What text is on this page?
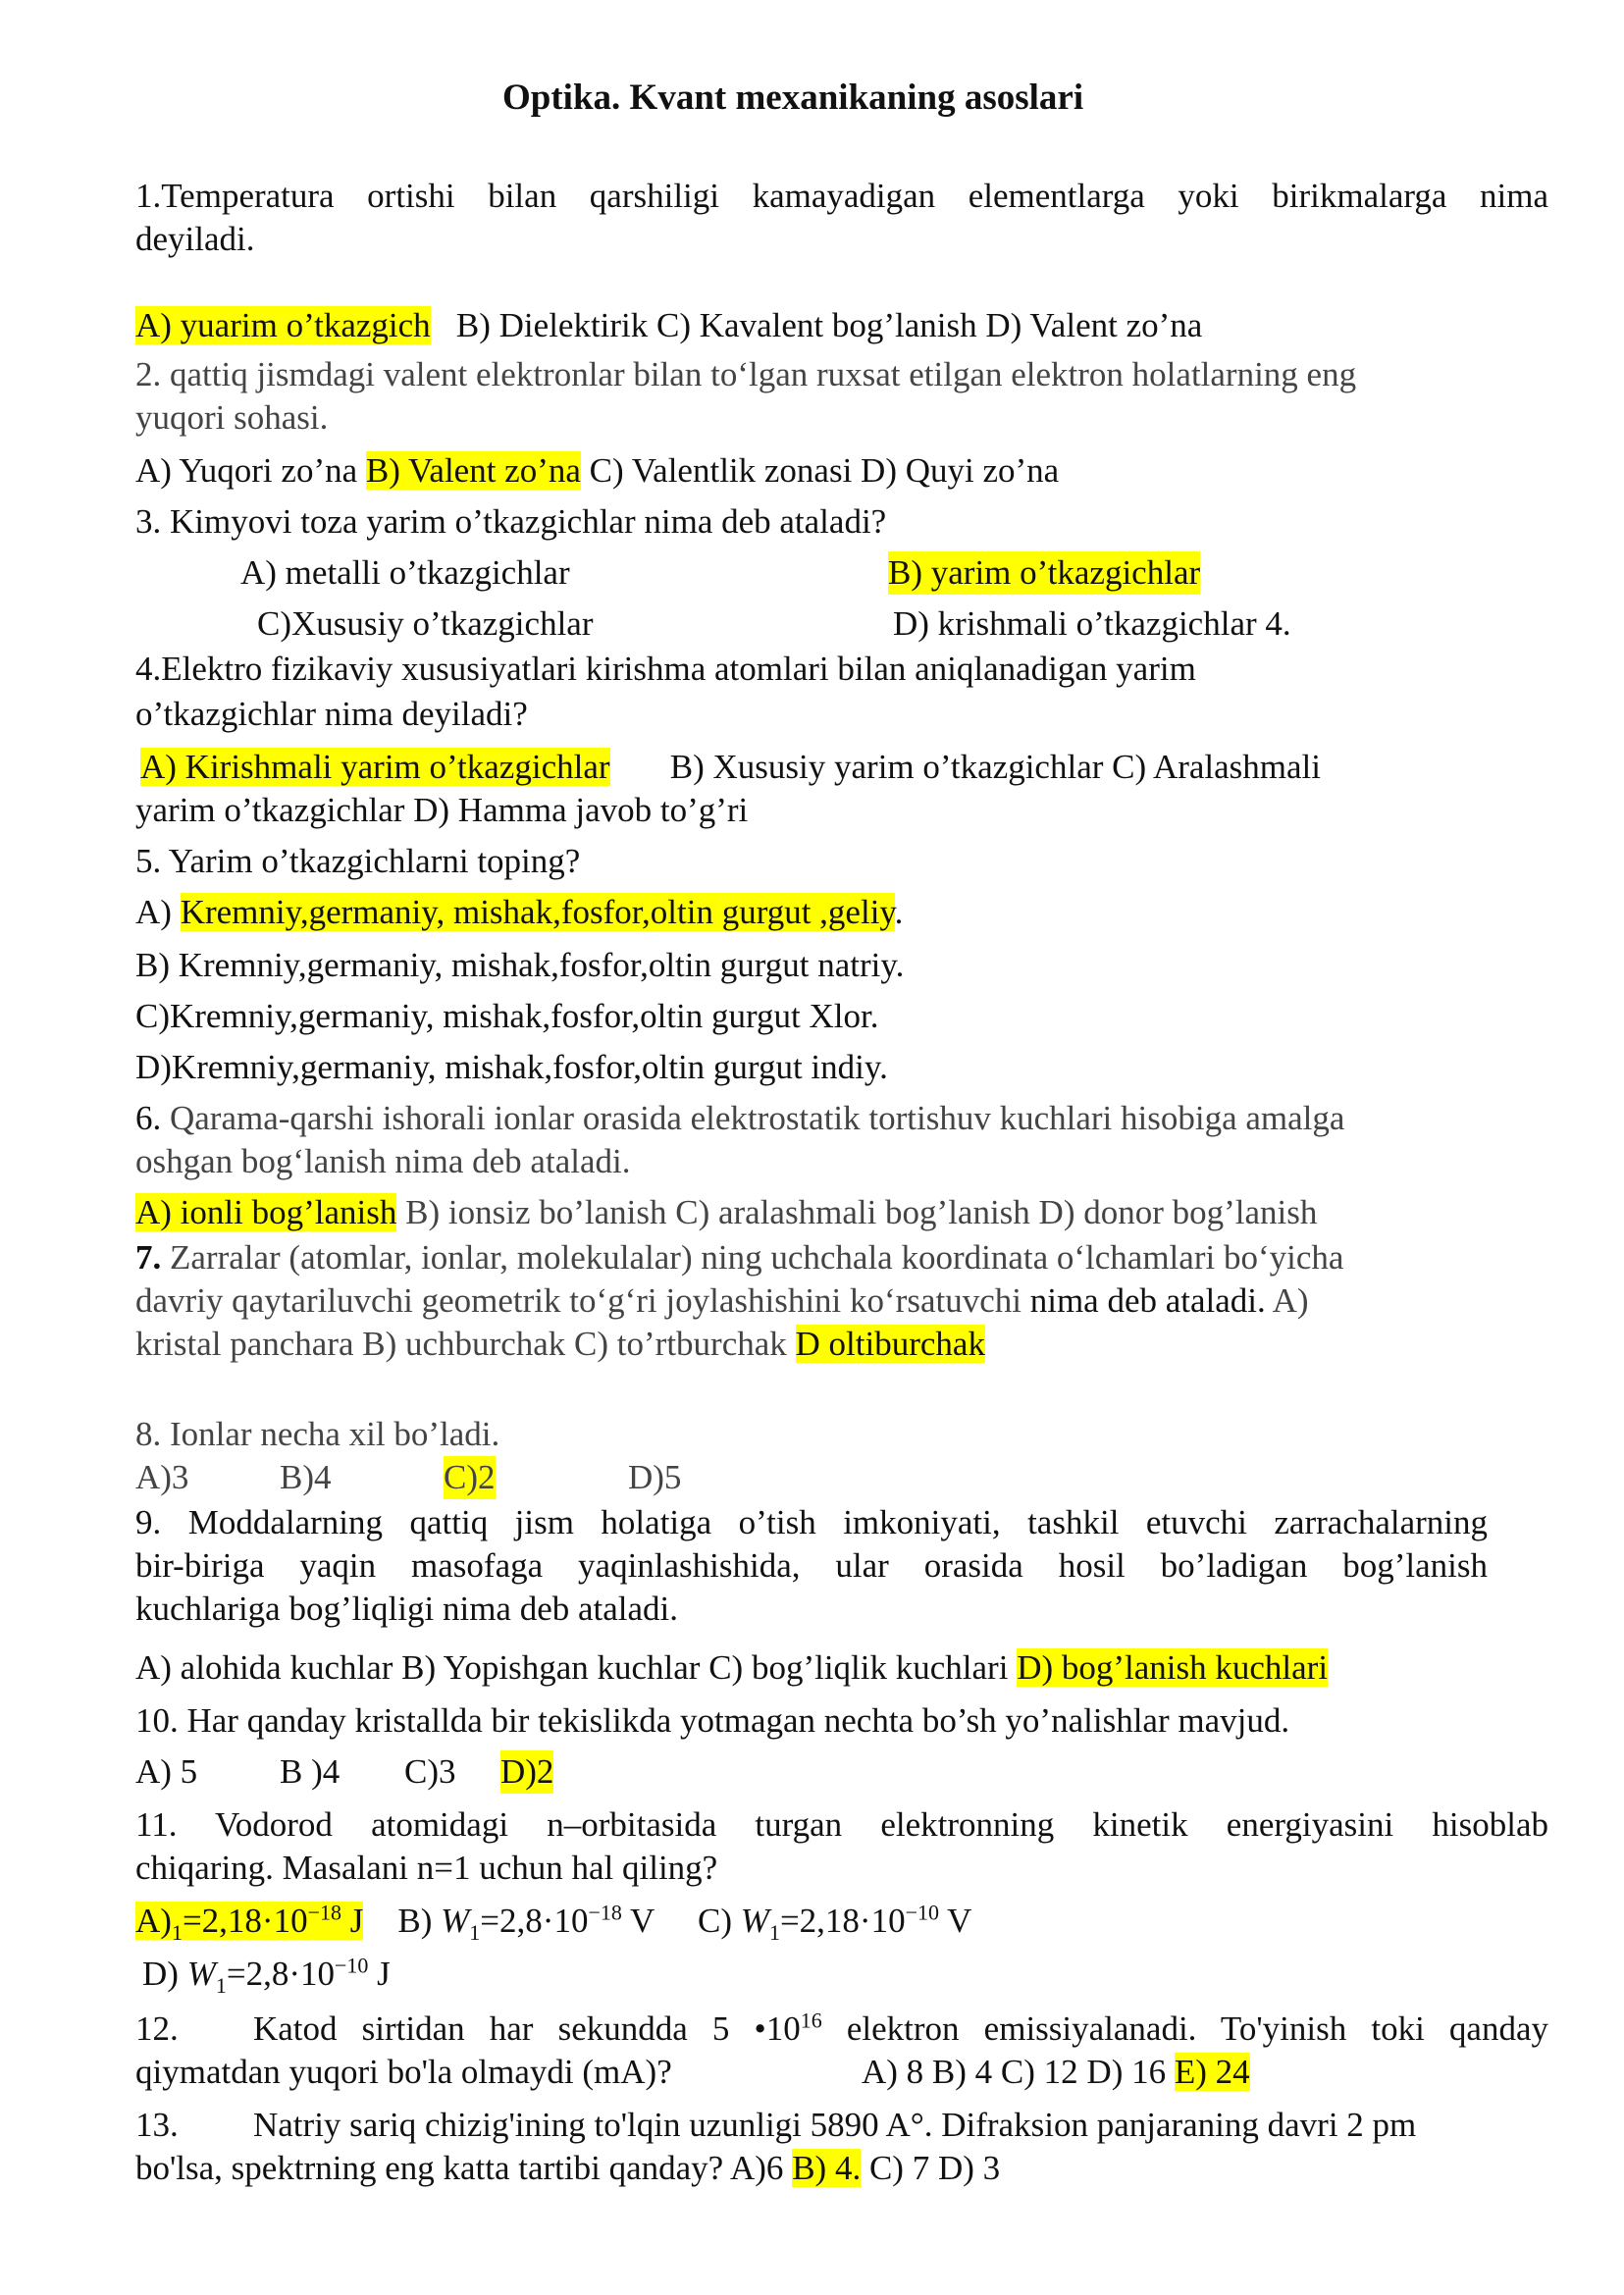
Optika. Kvant mexanikaning asoslari
1.Temperatura ortishi bilan qarshiligi kamayadigan elementlarga yoki birikmalarga nima
deyiladi.
A) yuarim o’tkazgich B) Dielektirik C) Kavalent bog’lanish D) Valent zo’na
2. qattiq jismdagi valent elektronlar bilan to‘lgan ruxsat etilgan elektron holatlarning eng
yuqori sohasi.
A) Yuqori zo’na B) Valent zo’na C) Valentlik zonasi D) Quyi zo’na
3. Kimyovi toza yarim o’tkazgichlar nima deb ataladi?
A) metalli o’tkazgichlar	B) yarim o’tkazgichlar
C)Xususiy o’tkazgichlar	D) krishmali o’tkazgichlar 4.
4.Elektro fizikaviy xususiyatlari kirishma atomlari bilan aniqlanadigan yarim
o’tkazgichlar nima deyiladi?
A) Kirishmali yarim o’tkazgichlar B) Xususiy yarim o’tkazgichlar C) Aralashmali
yarim o’tkazgichlar D) Hamma javob to’g’ri
5. Yarim o’tkazgichlarni toping?
A) Kremniy,germaniy, mishak,fosfor,oltin gurgut ,geliy.
B) Kremniy,germaniy, mishak,fosfor,oltin gurgut natriy.
C)Kremniy,germaniy, mishak,fosfor,oltin gurgut Xlor.
D)Kremniy,germaniy, mishak,fosfor,oltin gurgut indiy.
6. Qarama-qarshi ishorali ionlar orasida elektrostatik tortishuv kuchlari hisobiga amalga
oshgan bog‘lanish nima deb ataladi.
A) ionli bog’lanish B) ionsiz bo’lanish C) aralashmali bog’lanish D) donor bog’lanish
7. Zarralar (atomlar, ionlar, molekulalar) ning uchchala koordinata o‘lchamlari bo‘yicha
davriy qaytariluvchi geometrik to‘g‘ri joylashishini ko‘rsatuvchi nima deb ataladi. A)
kristal panchara B) uchburchak C) to’rtburchak D oltiburchak
8. Ionlar necha xil bo’ladi.
A)3	B)4	C)2	D)5
9. Moddalarning qattiq jism holatiga o’tish imkoniyati, tashkil etuvchi zarrachalarning
bir-biriga yaqin masofaga yaqinlashishida, ular orasida hosil bo’ladigan bog’lanish
kuchlariga bog’liqligi nima deb ataladi.
A) alohida kuchlar B) Yopishgan kuchlar C) bog’liqlik kuchlari D) bog’lanish kuchlari
10. Har qanday kristallda bir tekislikda yotmagan nechta bo’sh yo’nalishlar mavjud.
A) 5 B )4 C)3 D)2
11. Vodorod atomidagi n–orbitasida turgan elektronning kinetik energiyasini hisoblab
chiqaring. Masalani n=1 uchun hal qiling?
$A)_1=2,18\cdot 10^{-18}$ J B) $W_1=2,8\cdot 10^{-18}$ V C) $W_1=2,18\cdot 10^{-10}$ V
D) $W_1=2,8\cdot 10^{-10}$ J
12. Katod sirtidan har sekundda 5 $•10^{16}$ elektron emissiyalanadi. To'yinish toki qanday
qiymatdan yuqori bo'la olmaydi (mA)?	A) 8 B) 4 C) 12 D) 16 E) 24
13. Natriy sariq chizig'ining to'lqin uzunligi 5890 A°. Difraksion panjaraning davri 2 pm
bo'lsa, spektrning eng katta tartibi qanday? A)6 B) 4. C) 7 D) 3
